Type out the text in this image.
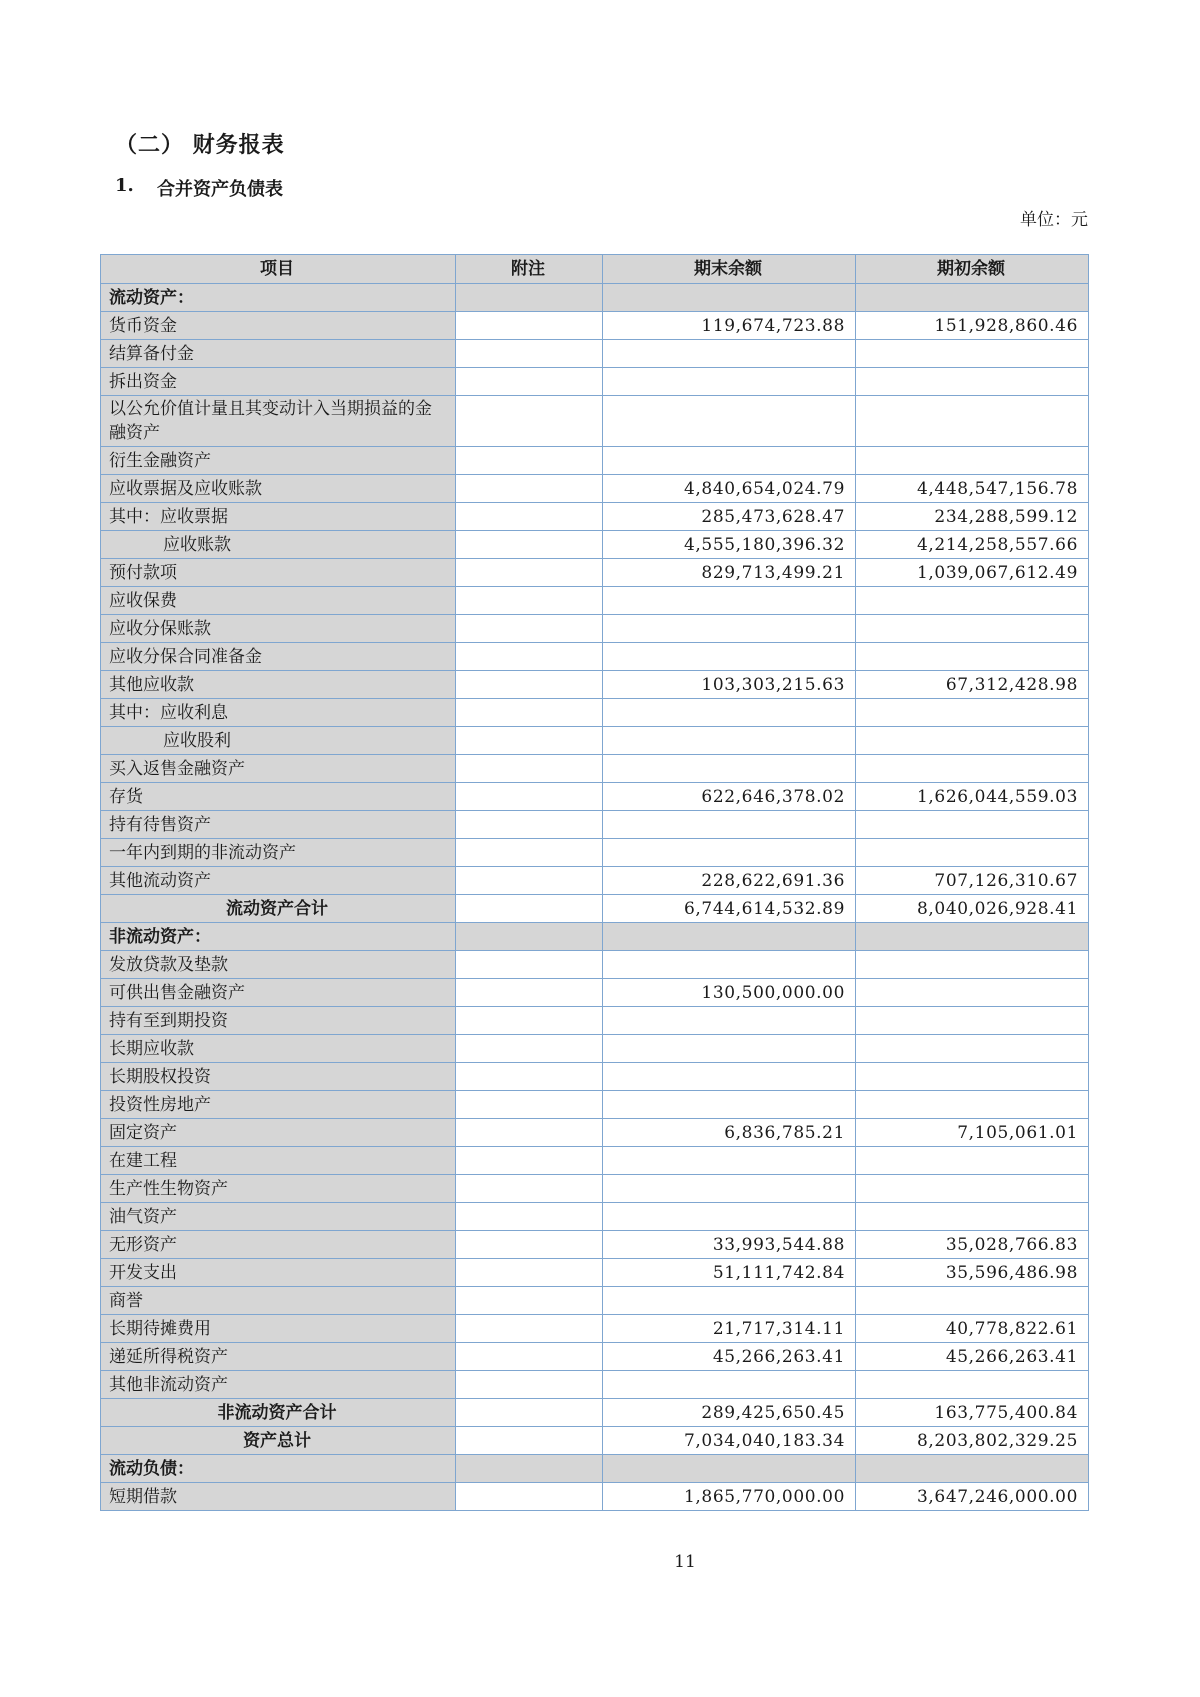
（二） 财务报表
1.	合并资产负债表
单位：元
项目	附注	期末余额	期初余额
流动资产：			
货币资金		119,674,723.88	151,928,860.46
结算备付金			
拆出资金			
以公允价值计量且其变动计入当期损益的金融资产			
衍生金融资产			
应收票据及应收账款		4,840,654,024.79	4,448,547,156.78
其中：应收票据		285,473,628.47	234,288,599.12
应收账款		4,555,180,396.32	4,214,258,557.66
预付款项		829,713,499.21	1,039,067,612.49
应收保费			
应收分保账款			
应收分保合同准备金			
其他应收款		103,303,215.63	67,312,428.98
其中：应收利息			
应收股利			
买入返售金融资产			
存货		622,646,378.02	1,626,044,559.03
持有待售资产			
一年内到期的非流动资产			
其他流动资产		228,622,691.36	707,126,310.67
流动资产合计		6,744,614,532.89	8,040,026,928.41
非流动资产：			
发放贷款及垫款			
可供出售金融资产		130,500,000.00	
持有至到期投资			
长期应收款			
长期股权投资			
投资性房地产			
固定资产		6,836,785.21	7,105,061.01
在建工程			
生产性生物资产			
油气资产			
无形资产		33,993,544.88	35,028,766.83
开发支出		51,111,742.84	35,596,486.98
商誉			
长期待摊费用		21,717,314.11	40,778,822.61
递延所得税资产		45,266,263.41	45,266,263.41
其他非流动资产			
非流动资产合计		289,425,650.45	163,775,400.84
资产总计		7,034,040,183.34	8,203,802,329.25
流动负债：			
短期借款		1,865,770,000.00	3,647,246,000.00
11
